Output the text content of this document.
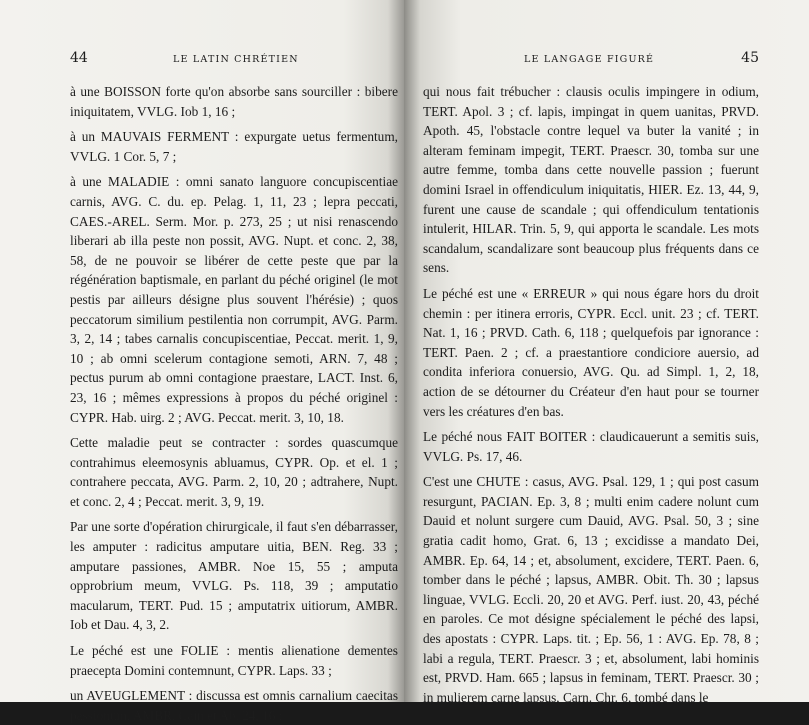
44	LE LATIN CHRÉTIEN

à une BOISSON forte qu'on absorbe sans sourciller : bibere iniquitatem, VVLG. Iob 1, 16 ;

à un MAUVAIS FERMENT : expurgate uetus fermentum, VVLG. 1 Cor. 5, 7 ;

à une MALADIE : omni sanato languore concupiscentiae carnis, AVG. C. du. ep. Pelag. 1, 11, 23 ; lepra peccati, CAES.-AREL. Serm. Mor. p. 273, 25 ; ut nisi renascendo liberari ab illa peste non possit, AVG. Nupt. et conc. 2, 38, 58, de ne pouvoir se libérer de cette peste que par la régénération baptismale, en parlant du péché originel (le mot pestis par ailleurs désigne plus souvent l'hérésie) ; quos peccatorum similium pestilentia non corrumpit, AVG. Parm. 3, 2, 14 ; tabes carnalis concupiscentiae, Peccat. merit. 1, 9, 10 ; ab omni scelerum contagione semoti, ARN. 7, 48 ; pectus purum ab omni contagione praestare, LACT. Inst. 6, 23, 16 ; mêmes expressions à propos du péché originel : CYPR. Hab. uirg. 2 ; AVG. Peccat. merit. 3, 10, 18.

Cette maladie peut se contracter : sordes quascumque contrahimus eleemosynis abluamus, CYPR. Op. et el. 1 ; contrahere peccata, AVG. Parm. 2, 10, 20 ; adtrahere, Nupt. et conc. 2, 4 ; Peccat. merit. 3, 9, 19.

Par une sorte d'opération chirurgicale, il faut s'en débarrasser, les amputer : radicitus amputare uitia, BEN. Reg. 33 ; amputare passiones, AMBR. Noe 15, 55 ; amputa opprobrium meum, VVLG. Ps. 118, 39 ; amputatio macularum, TERT. Pud. 15 ; amputatrix uitiorum, AMBR. Iob et Dau. 4, 3, 2.

Le péché est une FOLIE : mentis alienatione dementes praecepta Domini contemnunt, CYPR. Laps. 33 ;

un AVEUGLEMENT : discussa est omnis carnalium caecitas passionum, AMBR. Cain et Ab. 24, 16 ;

LE LANGAGE FIGURÉ	45

qui nous fait trébucher : clausis oculis impingere in odium, TERT. Apol. 3 ; cf. lapis, impingat in quem uanitas, PRVD. Apoth. 45, l'obstacle contre lequel va buter la vanité ; in alteram feminam impegit, TERT. Praescr. 30, tomba sur une autre femme, tomba dans cette nouvelle passion ; fuerunt domini Israel in offendiculum iniquitatis, HIER. Ez. 13, 44, 9, furent une cause de scandale ; qui offendiculum tentationis intulerit, HILAR. Trin. 5, 9, qui apporta le scandale. Les mots scandalum, scandalizare sont beaucoup plus fréquents dans ce sens.

Le péché est une « ERREUR » qui nous égare hors du droit chemin : per itinera erroris, CYPR. Eccl. unit. 23 ; cf. TERT. Nat. 1, 16 ; PRVD. Cath. 6, 118 ; quelquefois par ignorance : TERT. Paen. 2 ; cf. a praestantiore condiciore auersio, ad condita inferiora conuersio, AVG. Qu. ad Simpl. 1, 2, 18, action de se détourner du Créateur d'en haut pour se tourner vers les créatures d'en bas.

Le péché nous FAIT BOITER : claudicauerunt a semitis suis, VVLG. Ps. 17, 46.

C'est une CHUTE : casus, AVG. Psal. 129, 1 ; qui post casum resurgunt, PACIAN. Ep. 3, 8 ; multi enim cadere nolunt cum Dauid et nolunt surgere cum Dauid, AVG. Psal. 50, 3 ; sine gratia cadit homo, Grat. 6, 13 ; excidisse a mandato Dei, AMBR. Ep. 64, 14 ; et, absolument, excidere, TERT. Paen. 6, tomber dans le péché ; lapsus, AMBR. Obit. Th. 30 ; lapsus linguae, VVLG. Eccli. 20, 20 et AVG. Perf. iust. 20, 43, péché en paroles. Ce mot désigne spécialement le péché des lapsi, des apostats : CYPR. Laps. tit. ; Ep. 56, 1 : AVG. Ep. 78, 8 ; labi a regula, TERT. Praescr. 3 ; et, absolument, labi hominis est, PRVD. Ham. 665 ; lapsus in feminam, TERT. Praescr. 30 ; in mulierem carne lapsus, Carn. Chr. 6, tombé dans le
